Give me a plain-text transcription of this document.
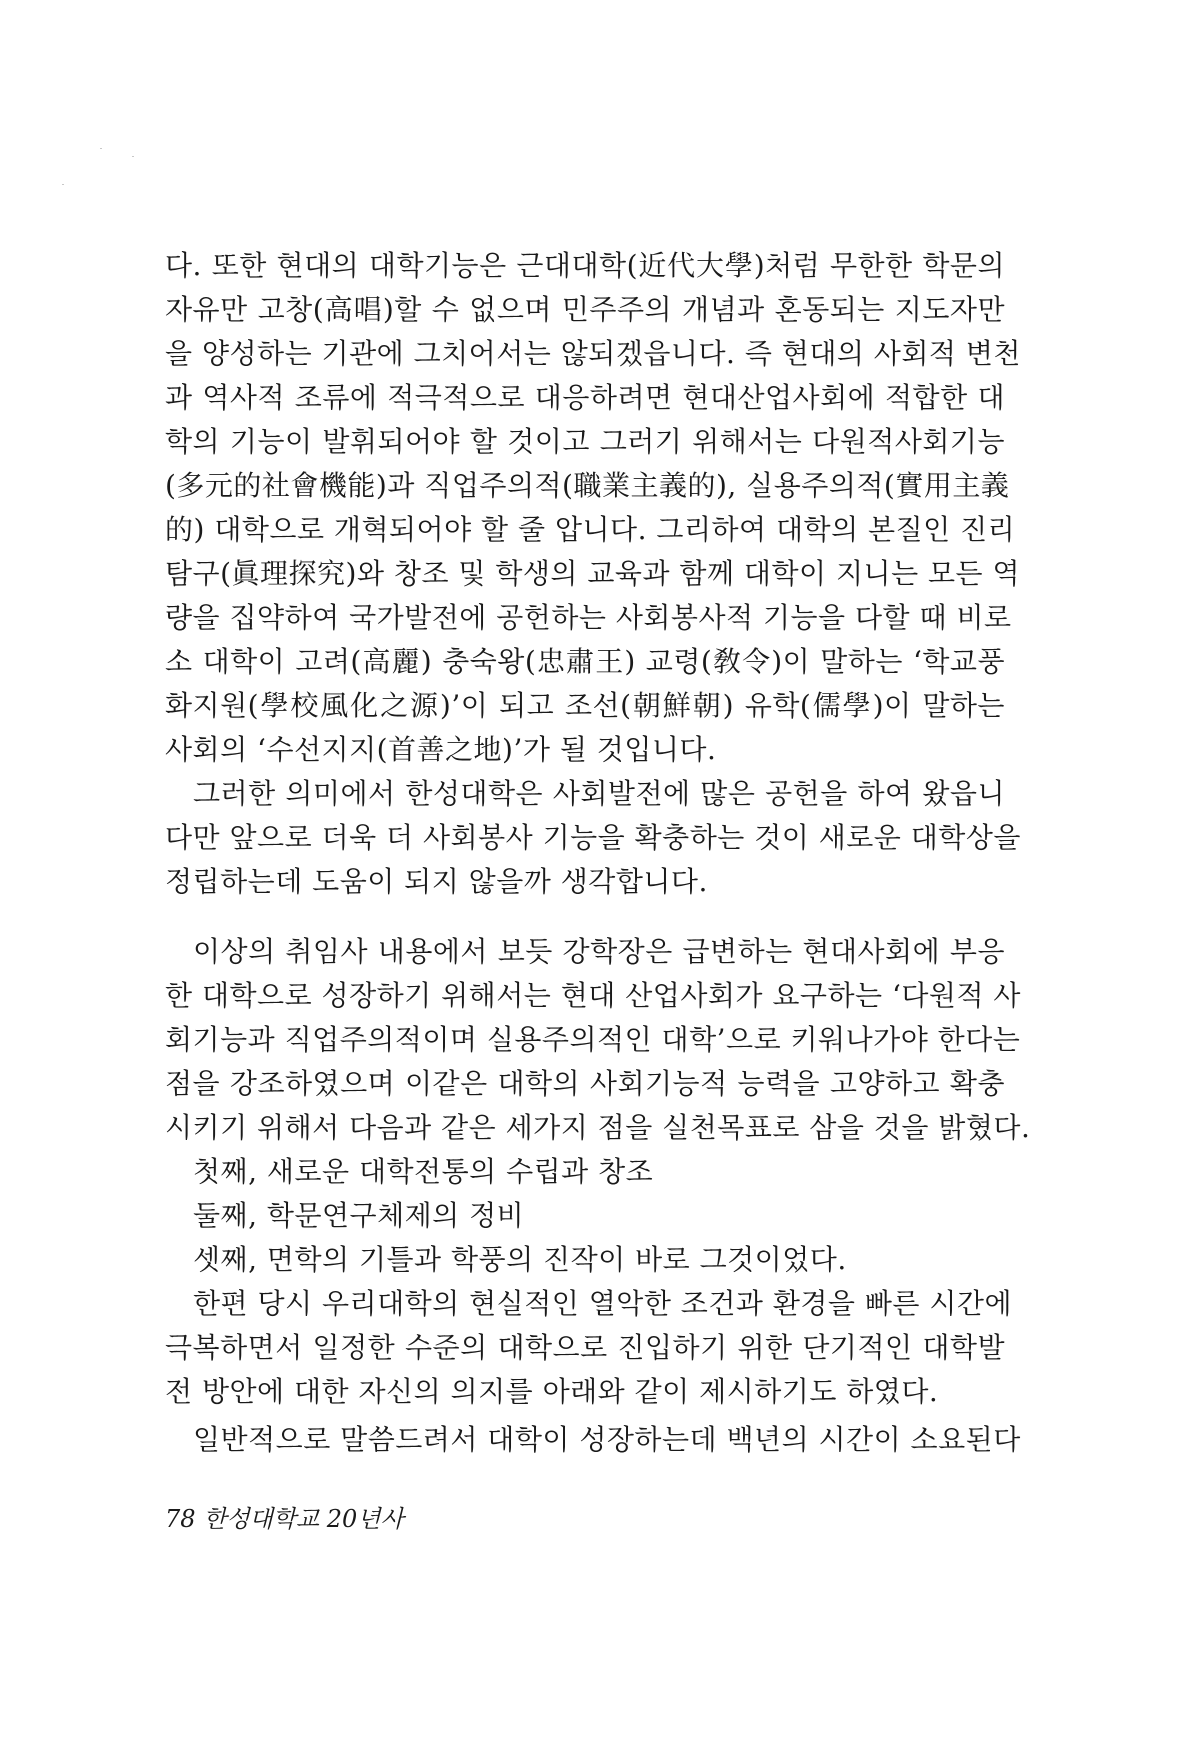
다. 또한 현대의 대학기능은 근대대학(近代大學)처럼 무한한 학문의
자유만 고창(高唱)할 수 없으며 민주주의 개념과 혼동되는 지도자만
을 양성하는 기관에 그치어서는 않되겠읍니다. 즉 현대의 사회적 변천
과 역사적 조류에 적극적으로 대응하려면 현대산업사회에 적합한 대
학의 기능이 발휘되어야 할 것이고 그러기 위해서는 다원적사회기능
(多元的社會機能)과 직업주의적(職業主義的), 실용주의적(實用主義
的) 대학으로 개혁되어야 할 줄 압니다. 그리하여 대학의 본질인 진리
탐구(眞理探究)와 창조 및 학생의 교육과 함께 대학이 지니는 모든 역
량을 집약하여 국가발전에 공헌하는 사회봉사적 기능을 다할 때 비로
소 대학이 고려(高麗) 충숙왕(忠肅王) 교령(敎令)이 말하는 ‘학교풍
화지원(學校風化之源)’이 되고 조선(朝鮮朝) 유학(儒學)이 말하는
사회의 ‘수선지지(首善之地)’가 될 것입니다.
그러한 의미에서 한성대학은 사회발전에 많은 공헌을 하여 왔읍니
다만 앞으로 더욱 더 사회봉사 기능을 확충하는 것이 새로운 대학상을
정립하는데 도움이 되지 않을까 생각합니다.
이상의 취임사 내용에서 보듯 강학장은 급변하는 현대사회에 부응
한 대학으로 성장하기 위해서는 현대 산업사회가 요구하는 ‘다원적 사
회기능과 직업주의적이며 실용주의적인 대학’으로 키워나가야 한다는
점을 강조하였으며 이같은 대학의 사회기능적 능력을 고양하고 확충
시키기 위해서 다음과 같은 세가지 점을 실천목표로 삼을 것을 밝혔다.
첫째, 새로운 대학전통의 수립과 창조
둘째, 학문연구체제의 정비
셋째, 면학의 기틀과 학풍의 진작이 바로 그것이었다.
한편 당시 우리대학의 현실적인 열악한 조건과 환경을 빠른 시간에
극복하면서 일정한 수준의 대학으로 진입하기 위한 단기적인 대학발
전 방안에 대한 자신의 의지를 아래와 같이 제시하기도 하였다.
일반적으로 말씀드려서 대학이 성장하는데 백년의 시간이 소요된다
78 한성대학교 20년사
